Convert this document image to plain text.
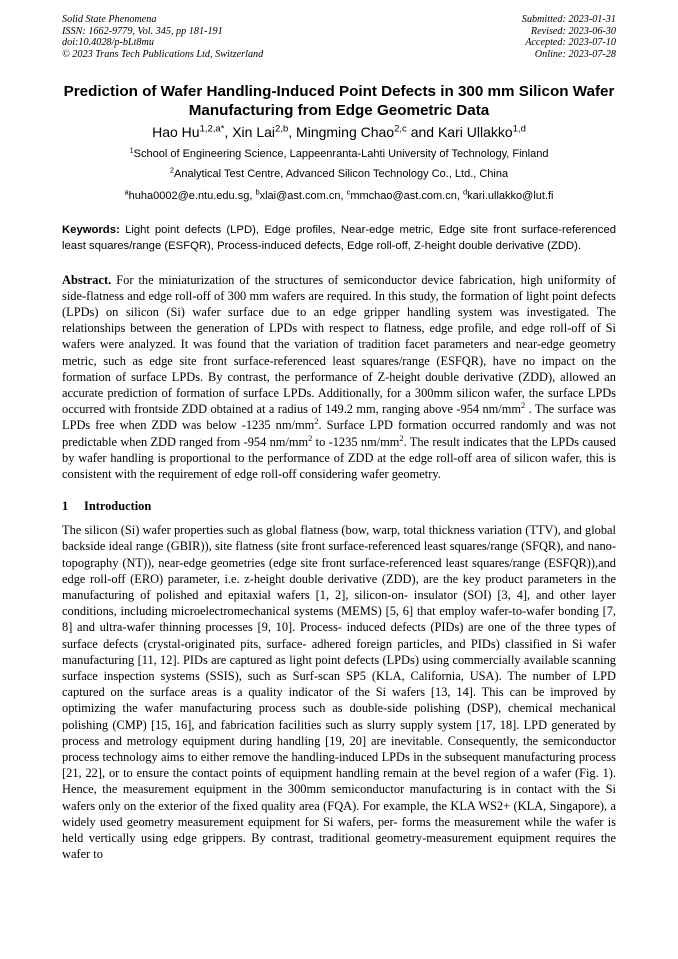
Solid State Phenomena
ISSN: 1662-9779, Vol. 345, pp 181-191
doi:10.4028/p-bLt8mu
© 2023 Trans Tech Publications Ltd, Switzerland
Submitted: 2023-01-31
Revised: 2023-06-30
Accepted: 2023-07-10
Online: 2023-07-28
Prediction of Wafer Handling-Induced Point Defects in 300 mm Silicon Wafer Manufacturing from Edge Geometric Data
Hao $Hu^{1,2,a*}$, Xin Lai$^{2,b}$, Mingming Chao$^{2,c}$ and Kari Ullakko$^{1,d}$
$^1$School of Engineering Science, Lappeenranta-Lahti University of Technology, Finland
$^2$Analytical Test Centre, Advanced Silicon Technology Co., Ltd., China
$^a$huha0002@e.ntu.edu.sg, $^b$xlai@ast.com.cn, $^c$mmchao@ast.com.cn, $^d$kari.ullakko@lut.fi
Keywords: Light point defects (LPD), Edge profiles, Near-edge metric, Edge site front surface-referenced least squares/range (ESFQR), Process-induced defects, Edge roll-off, Z-height double derivative (ZDD).
Abstract. For the miniaturization of the structures of semiconductor device fabrication, high uniformity of side-flatness and edge roll-off of 300 mm wafers are required. In this study, the formation of light point defects (LPDs) on silicon (Si) wafer surface due to an edge gripper handling system was investigated. The relationships between the generation of LPDs with respect to flatness, edge profile, and edge roll-off of Si wafers were analyzed. It was found that the variation of tradition facet parameters and near-edge geometry metric, such as edge site front surface-referenced least squares/range (ESFQR), have no impact on the formation of surface LPDs. By contrast, the performance of Z-height double derivative (ZDD), allowed an accurate prediction of formation of surface LPDs. Additionally, for a 300mm silicon wafer, the surface LPDs occurred with frontside ZDD obtained at a radius of 149.2 mm, ranging above -954 $nm/mm^2$ . The surface was LPDs free when ZDD was below -1235 $nm/mm^2$. Surface LPD formation occurred randomly and was not predictable when ZDD ranged from -954 $nm/mm^2$ to -1235 $nm/mm^2$. The result indicates that the LPDs caused by wafer handling is proportional to the performance of ZDD at the edge roll-off area of silicon wafer, this is consistent with the requirement of edge roll-off considering wafer geometry.
1 Introduction
The silicon (Si) wafer properties such as global flatness (bow, warp, total thickness variation (TTV), and global backside ideal range (GBIR)), site flatness (site front surface-referenced least squares/range (SFQR), and nano-topography (NT)), near-edge geometries (edge site front surface-referenced least squares/range (ESFQR)),and edge roll-off (ERO) parameter, i.e. z-height double derivative (ZDD), are the key product parameters in the manufacturing of polished and epitaxial wafers [1, 2], silicon-on- insulator (SOI) [3, 4], and other layer conditions, including microelectromechanical systems (MEMS) [5, 6] that employ wafer-to-wafer bonding [7, 8] and ultra-wafer thinning processes [9, 10]. Process- induced defects (PIDs) are one of the three types of surface defects (crystal-originated pits, surface- adhered foreign particles, and PIDs) classified in Si wafer manufacturing [11, 12]. PIDs are captured as light point defects (LPDs) using commercially available scanning surface inspection systems (SSIS), such as Surf-scan SP5 (KLA, California, USA). The number of LPD captured on the surface areas is a quality indicator of the Si wafers [13, 14]. This can be improved by optimizing the wafer manufacturing process such as double-side polishing (DSP), chemical mechanical polishing (CMP) [15, 16], and fabrication facilities such as slurry supply system [17, 18]. LPD generated by process and metrology equipment during handling [19, 20] are inevitable. Consequently, the semiconductor process technology aims to either remove the handling-induced LPDs in the subsequent manufacturing process [21, 22], or to ensure the contact points of equipment handling remain at the bevel region of a wafer (Fig. 1). Hence, the measurement equipment in the 300mm semiconductor manufacturing is in contact with the Si wafers only on the exterior of the fixed quality area (FQA). For example, the KLA WS2+ (KLA, Singapore), a widely used geometry measurement equipment for Si wafers, per- forms the measurement while the wafer is held vertically using edge grippers. By contrast, traditional geometry-measurement equipment requires the wafer to
